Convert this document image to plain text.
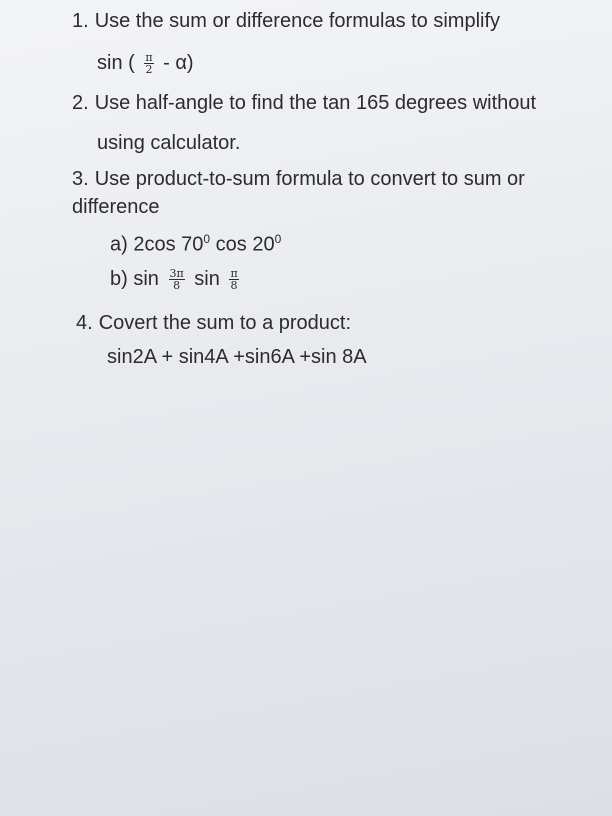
1. Use the sum or difference formulas to simplify
sin ( $\frac{\pi}{2} - \alpha$)
2. Use half-angle to find the tan 165 degrees without
using calculator.
3. Use product-to-sum formula to convert to sum or
difference
a) 2cos $70^0$ $\cos 20^0$
b) $\sin \frac{3\pi}{8}$ $\sin \frac{\pi}{8}$
4. Covert the sum to a product:
sin2A + sin4A +sin6A +sin 8A
